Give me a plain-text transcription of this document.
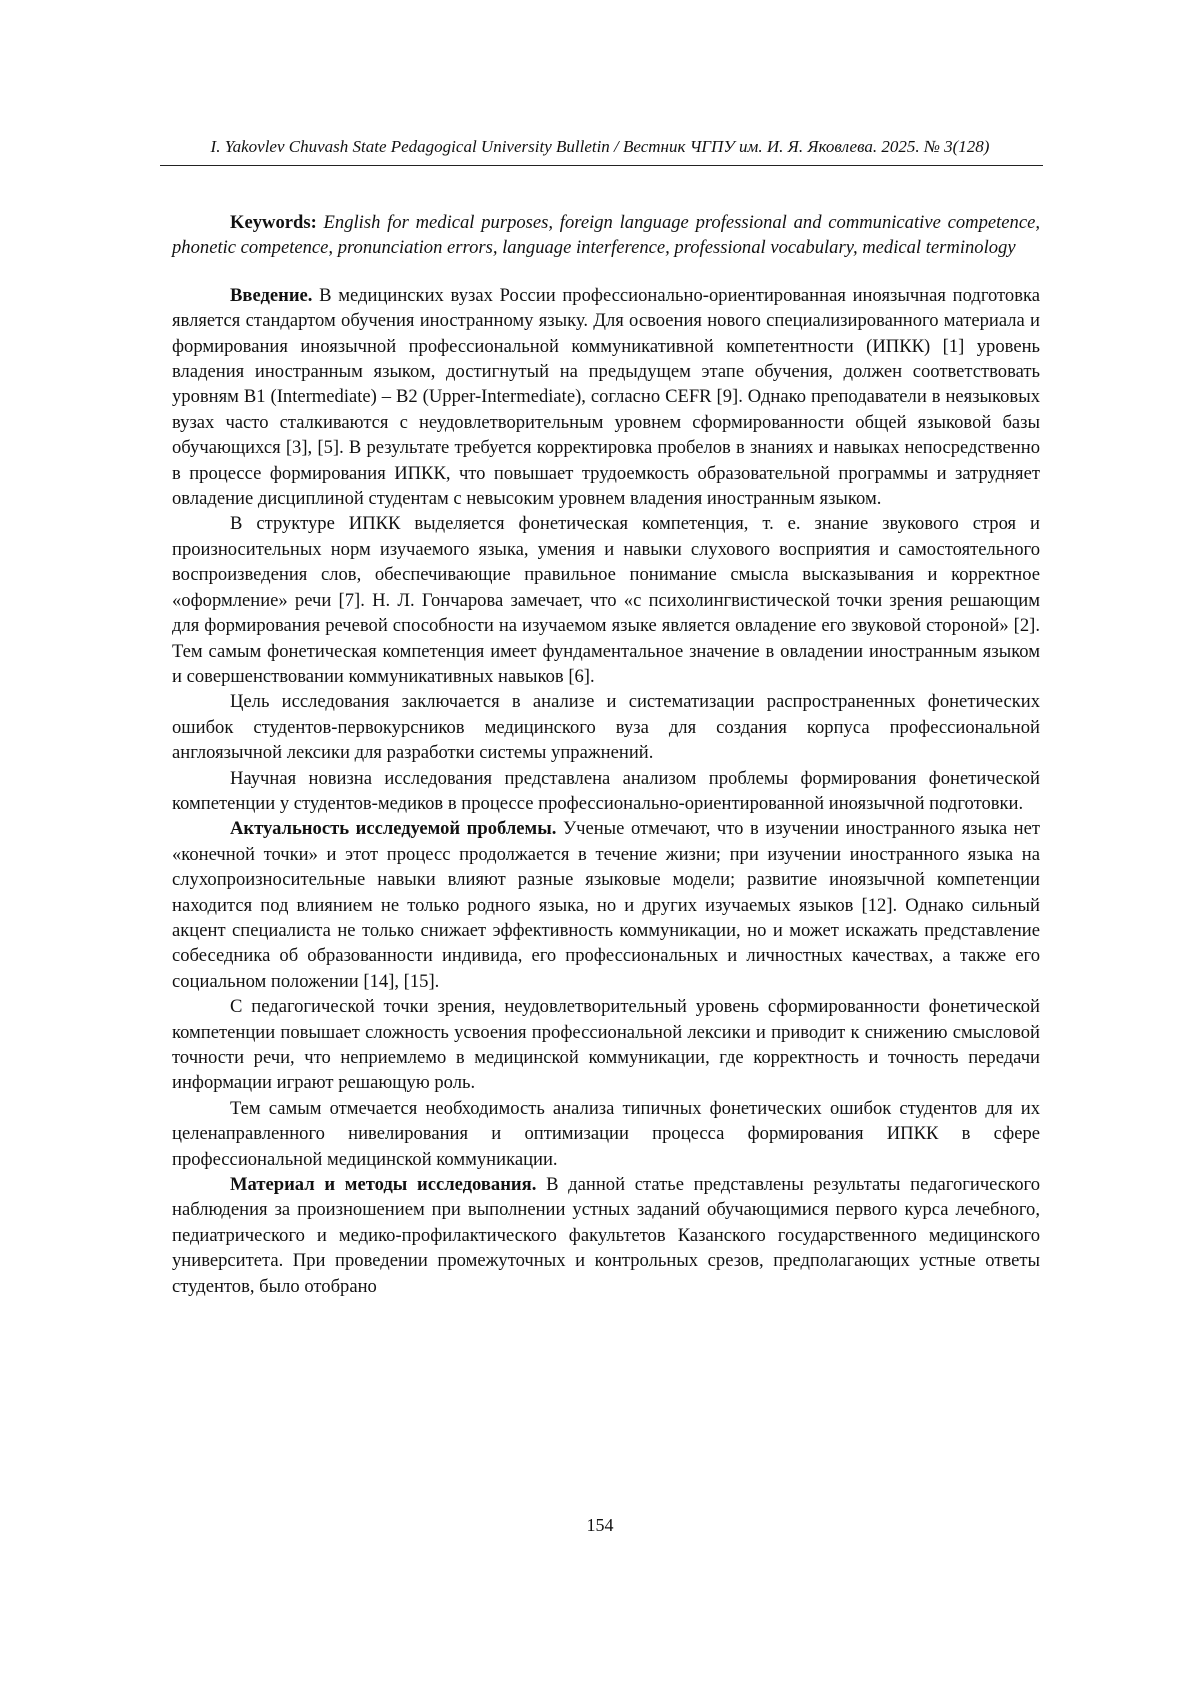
I. Yakovlev Chuvash State Pedagogical University Bulletin / Вестник ЧГПУ им. И. Я. Яковлева. 2025. № 3(128)

Keywords: English for medical purposes, foreign language professional and communicative competence, phonetic competence, pronunciation errors, language interference, professional vocabulary, medical terminology

Введение. В медицинских вузах России профессионально-ориентированная иноязычная подготовка является стандартом обучения иностранному языку. Для освоения нового специализированного материала и формирования иноязычной профессиональной коммуникативной компетентности (ИПКК) [1] уровень владения иностранным языком, достигнутый на предыдущем этапе обучения, должен соответствовать уровням B1 (Intermediate) – B2 (Upper-Intermediate), согласно CEFR [9]. Однако преподаватели в неязыковых вузах часто сталкиваются с неудовлетворительным уровнем сформированности общей языковой базы обучающихся [3], [5]. В результате требуется корректировка пробелов в знаниях и навыках непосредственно в процессе формирования ИПКК, что повышает трудоемкость образовательной программы и затрудняет овладение дисциплиной студентам с невысоким уровнем владения иностранным языком.

В структуре ИПКК выделяется фонетическая компетенция, т. е. знание звукового строя и произносительных норм изучаемого языка, умения и навыки слухового восприятия и самостоятельного воспроизведения слов, обеспечивающие правильное понимание смысла высказывания и корректное «оформление» речи [7]. Н. Л. Гончарова замечает, что «с психолингвистической точки зрения решающим для формирования речевой способности на изучаемом языке является овладение его звуковой стороной» [2]. Тем самым фонетическая компетенция имеет фундаментальное значение в овладении иностранным языком и совершенствовании коммуникативных навыков [6].

Цель исследования заключается в анализе и систематизации распространенных фонетических ошибок студентов-первокурсников медицинского вуза для создания корпуса профессиональной англоязычной лексики для разработки системы упражнений.

Научная новизна исследования представлена анализом проблемы формирования фонетической компетенции у студентов-медиков в процессе профессионально-ориентированной иноязычной подготовки.

Актуальность исследуемой проблемы. Ученые отмечают, что в изучении иностранного языка нет «конечной точки» и этот процесс продолжается в течение жизни; при изучении иностранного языка на слухопроизносительные навыки влияют разные языковые модели; развитие иноязычной компетенции находится под влиянием не только родного языка, но и других изучаемых языков [12]. Однако сильный акцент специалиста не только снижает эффективность коммуникации, но и может искажать представление собеседника об образованности индивида, его профессиональных и личностных качествах, а также его социальном положении [14], [15].

С педагогической точки зрения, неудовлетворительный уровень сформированности фонетической компетенции повышает сложность усвоения профессиональной лексики и приводит к снижению смысловой точности речи, что неприемлемо в медицинской коммуникации, где корректность и точность передачи информации играют решающую роль.

Тем самым отмечается необходимость анализа типичных фонетических ошибок студентов для их целенаправленного нивелирования и оптимизации процесса формирования ИПКК в сфере профессиональной медицинской коммуникации.

Материал и методы исследования. В данной статье представлены результаты педагогического наблюдения за произношением при выполнении устных заданий обучающимися первого курса лечебного, педиатрического и медико-профилактического факультетов Казанского государственного медицинского университета. При проведении промежуточных и контрольных срезов, предполагающих устные ответы студентов, было отобрано

154
